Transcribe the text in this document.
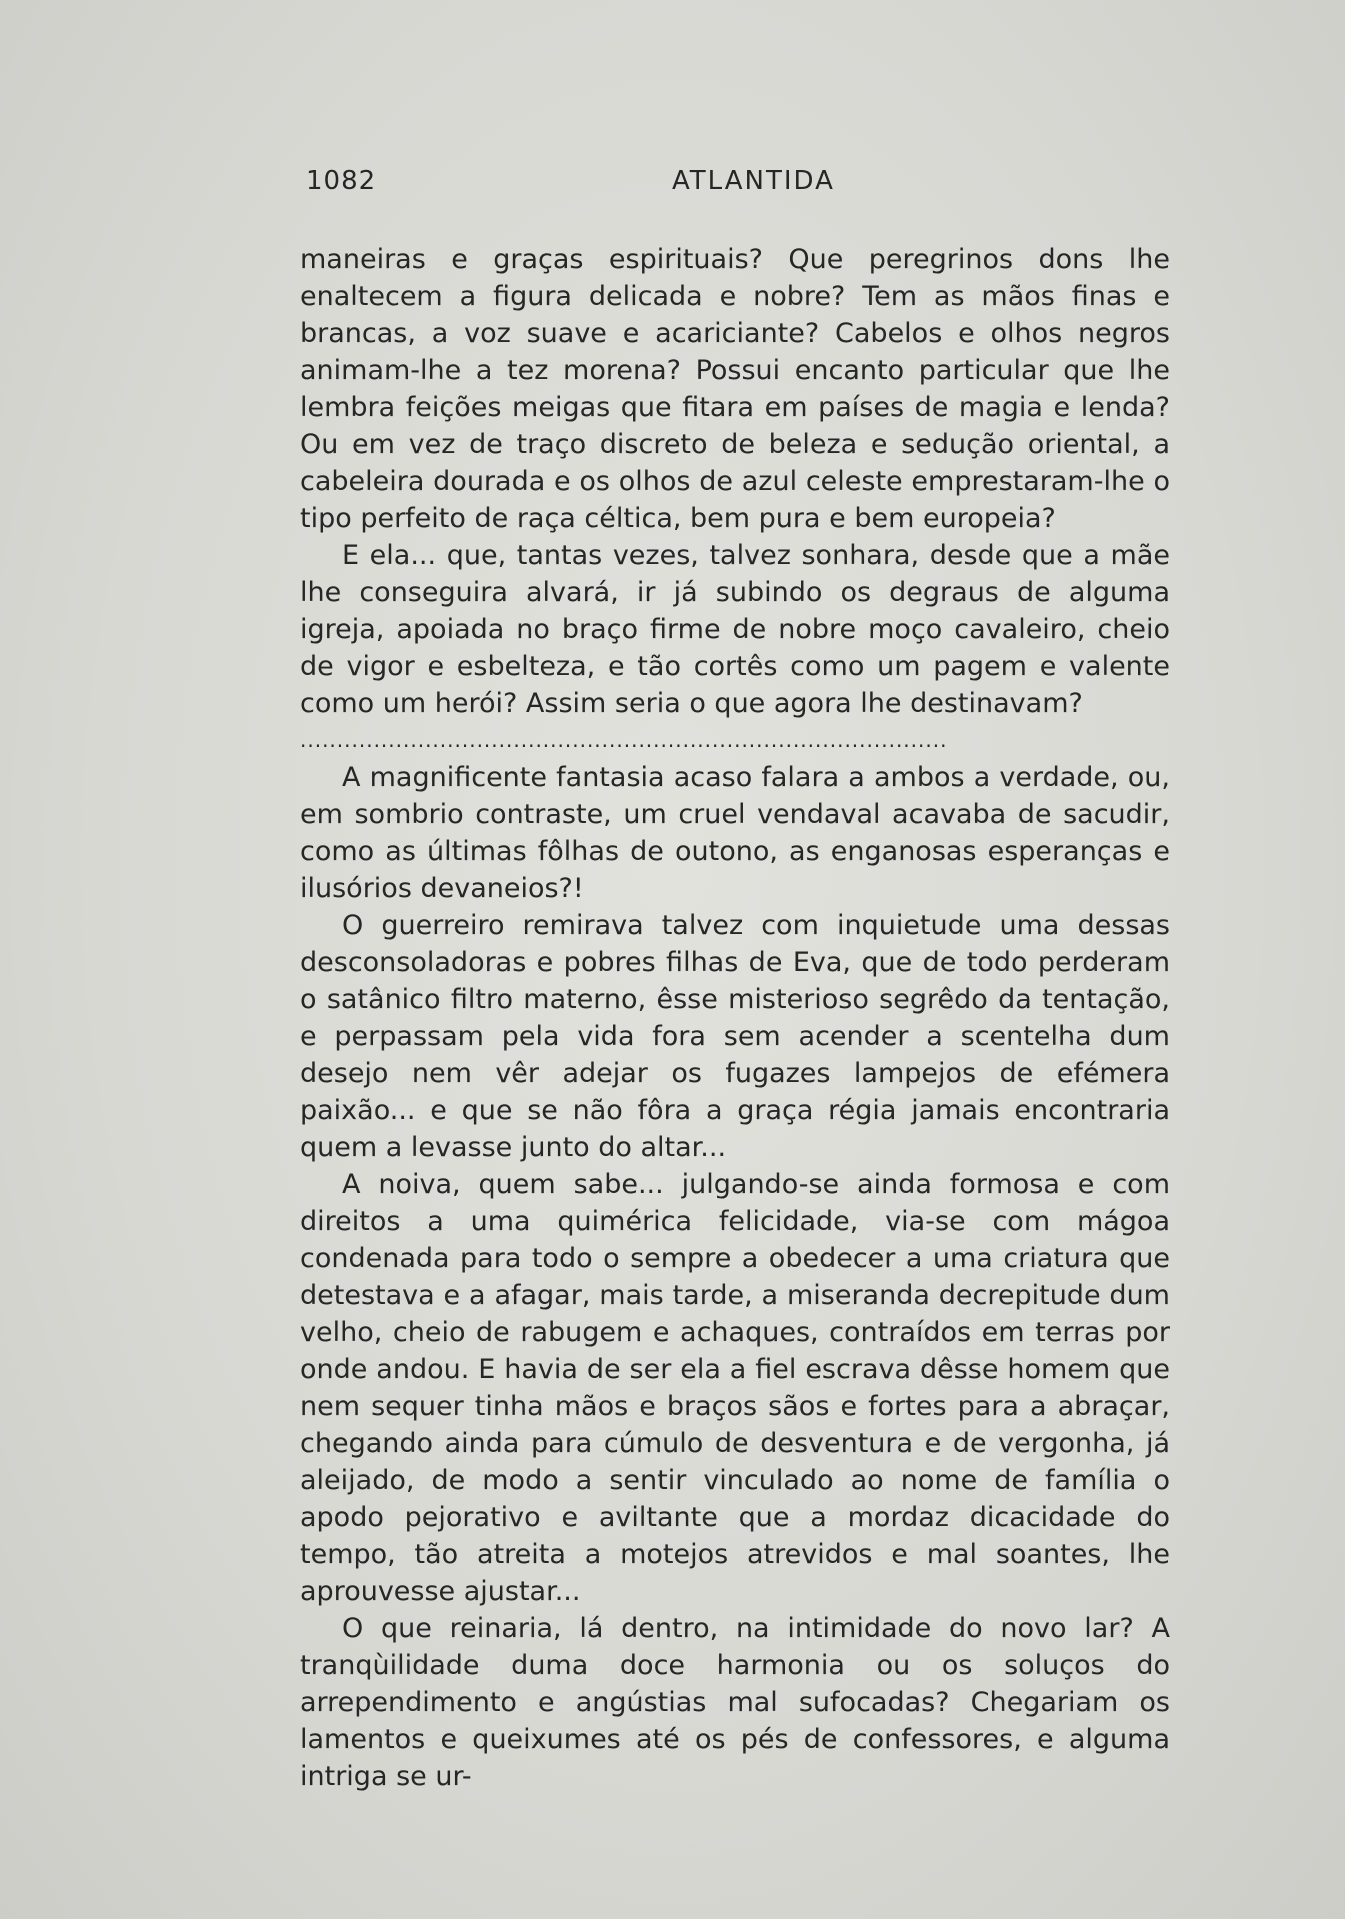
1082	ATLANTIDA

maneiras e graças espirituais? Que peregrinos dons lhe enaltecem a figura delicada e nobre? Tem as mãos finas e brancas, a voz suave e acariciante? Cabelos e olhos negros animam-lhe a tez morena? Possui encanto particular que lhe lembra feições meigas que fitara em países de magia e lenda? Ou em vez de traço discreto de beleza e sedução oriental, a cabeleira dourada e os olhos de azul celeste emprestaram-lhe o tipo perfeito de raça céltica, bem pura e bem europeia?

E ela... que, tantas vezes, talvez sonhara, desde que a mãe lhe conseguira alvará, ir já subindo os degraus de alguma igreja, apoiada no braço firme de nobre moço cavaleiro, cheio de vigor e esbelteza, e tão cortês como um pagem e valente como um herói? Assim seria o que agora lhe destinavam?

........................................................................................

A magnificente fantasia acaso falara a ambos a verdade, ou, em sombrio contraste, um cruel vendaval acavaba de sacudir, como as últimas fôlhas de outono, as enganosas esperanças e ilusórios devaneios?!

O guerreiro remirava talvez com inquietude uma dessas desconsoladoras e pobres filhas de Eva, que de todo perderam o satânico filtro materno, êsse misterioso segrêdo da tentação, e perpassam pela vida fora sem acender a scentelha dum desejo nem vêr adejar os fugazes lampejos de efémera paixão... e que se não fôra a graça régia jamais encontraria quem a levasse junto do altar...

A noiva, quem sabe... julgando-se ainda formosa e com direitos a uma quimérica felicidade, via-se com mágoa condenada para todo o sempre a obedecer a uma criatura que detestava e a afagar, mais tarde, a miseranda decrepitude dum velho, cheio de rabugem e achaques, contraídos em terras por onde andou. E havia de ser ela a fiel escrava dêsse homem que nem sequer tinha mãos e braços sãos e fortes para a abraçar, chegando ainda para cúmulo de desventura e de vergonha, já aleijado, de modo a sentir vinculado ao nome de família o apodo pejorativo e aviltante que a mordaz dicacidade do tempo, tão atreita a motejos atrevidos e mal soantes, lhe aprouvesse ajustar...

O que reinaria, lá dentro, na intimidade do novo lar? A tranqùilidade duma doce harmonia ou os soluços do arrependimento e angústias mal sufocadas? Chegariam os lamentos e queixumes até os pés de confessores, e alguma intriga se ur-
